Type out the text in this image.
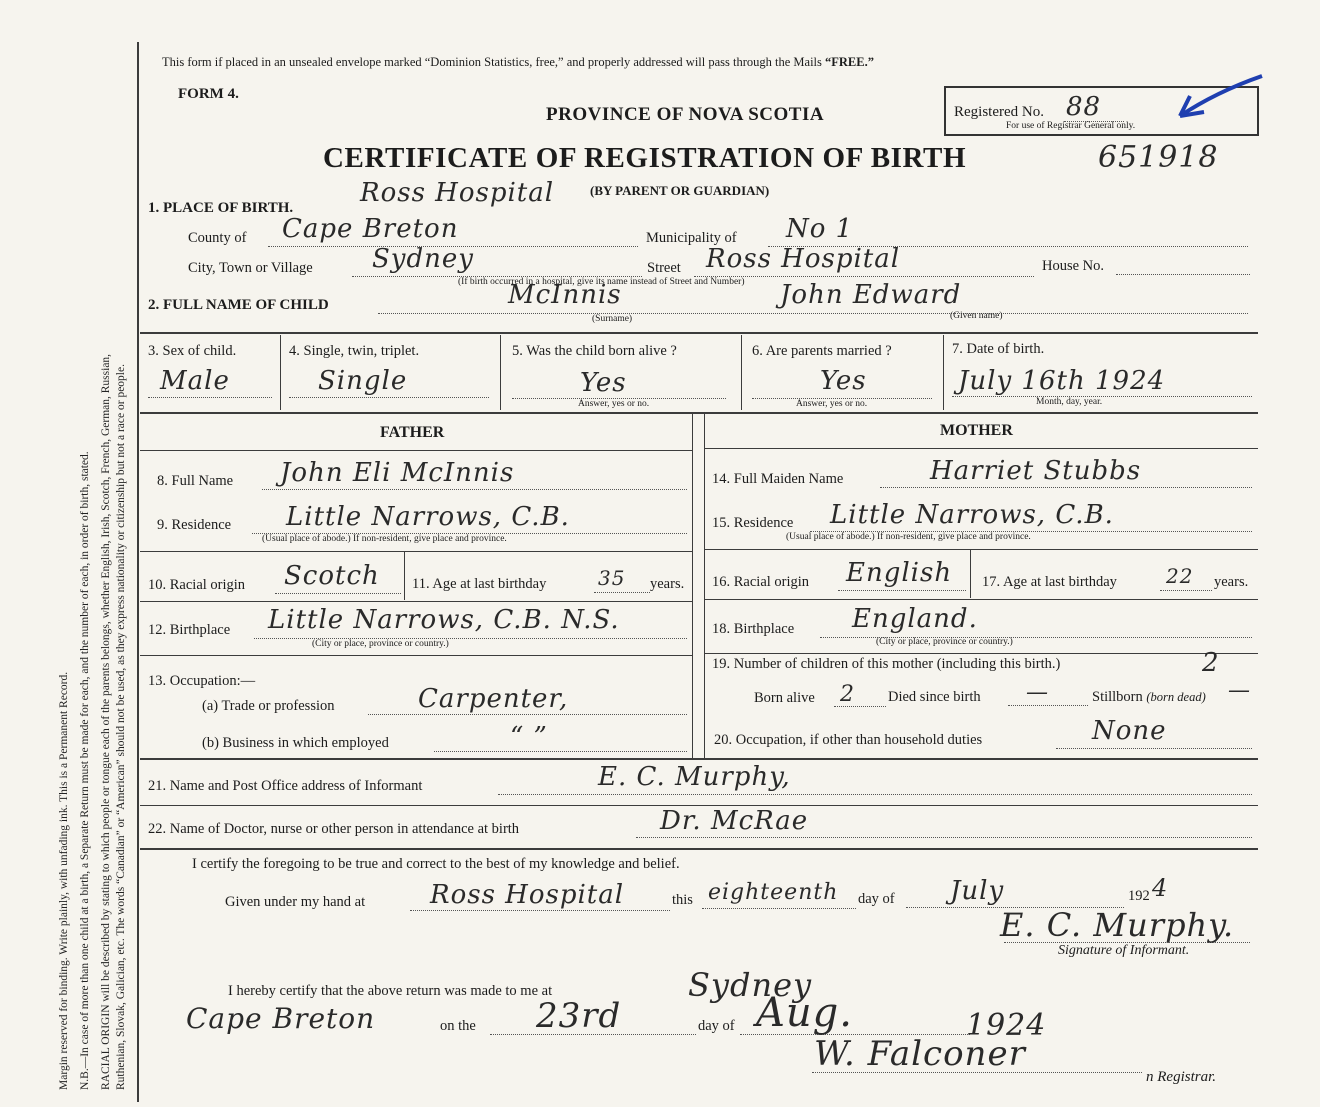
Margin reserved for binding. Write plainly, with unfading ink. This is a Permanent Record. N.B.—In case of more than one child at a birth, a Separate Return must be made for each, and the number of each, in order of birth, stated. RACIAL ORIGIN will be described by stating to which people or tongue each of the parents belongs, whether English, Irish, Scotch, French, German, Russian, Ruthenian, Slovak, Galician, etc. The words “Canadian” or “American” should not be used, as they express nationality or citizenship but not a race or people.
This form if placed in an unsealed envelope marked “Dominion Statistics, free,” and properly addressed will pass through the Mails “FREE.”
FORM 4.
PROVINCE OF NOVA SCOTIA
CERTIFICATE OF REGISTRATION OF BIRTH	651918
(BY PARENT OR GUARDIAN)
Registered No. 88
For use of Registrar General only.
1. PLACE OF BIRTH.	Ross Hospital
County of Cape Breton	Municipality of No 1
City, Town or Village Sydney
(If birth occurred in a hospital, give its name instead of Street and Number)
Street Ross Hospital	House No.
2. FULL NAME OF CHILD	McInnis	John Edward
(Surname)	(Given name)
3. Sex of child.
Male
4. Single, twin, triplet.
Single
5. Was the child born alive ?
Yes
Answer, yes or no.
6. Are parents married ?
Yes
Answer, yes or no.
7. Date of birth.
July 16th 1924
Month, day, year.
FATHER	MOTHER
8. Full Name John Eli McInnis
9. Residence Little Narrows, C.B.
(Usual place of abode.) If non-resident, give place and province.
10. Racial origin Scotch 11. Age at last birthday	35 years.
12. Birthplace Little Narrows, C.B. N.S.
(City or place, province or country.)
13. Occupation:—
(a) Trade or profession	Carpenter,
(b) Business in which employed	“ ”
14. Full Maiden Name	Harriet Stubbs
15. Residence Little Narrows, C.B.
(Usual place of abode.) If non-resident, give place and province.
16. Racial origin English 17. Age at last birthday 22 years.
18. Birthplace England.
(City or place, province or country.)
19. Number of children of this mother (including this birth.)	2
Born alive 2 Died since birth —	Stillborn (born dead) —
20. Occupation, if other than household duties	None
21. Name and Post Office address of Informant	E. C. Murphy,
22. Name of Doctor, nurse or other person in attendance at birth	Dr. McRae
I certify the foregoing to be true and correct to the best of my knowledge and belief.
Given under my hand at Ross Hospital	this eighteenth day of July	192 4
E. C. Murphy.
Signature of Informant.
I hereby certify that the above return was made to me at	Sydney
Cape Breton	on the 23rd	day of Aug.	1924
W. Falconer
n Registrar.
